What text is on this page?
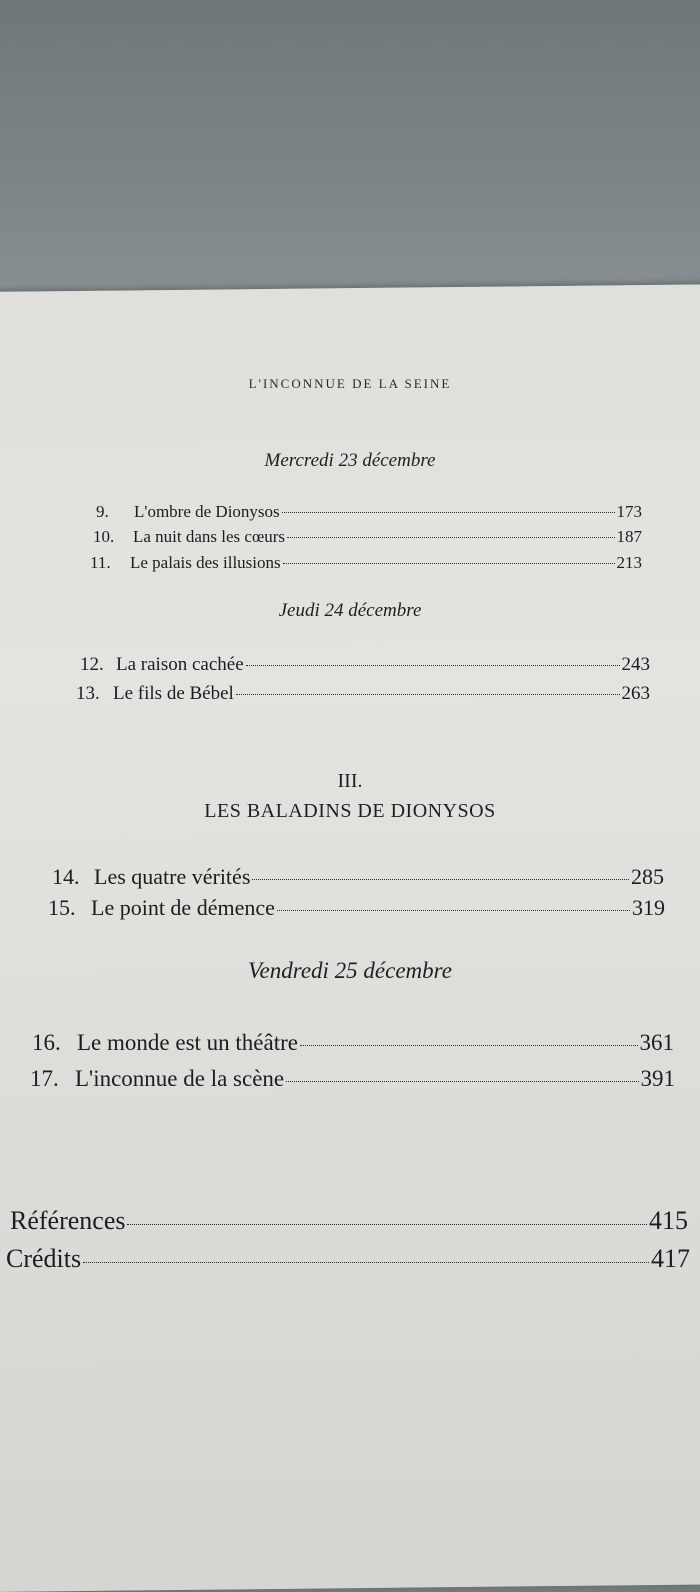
L'INCONNUE DE LA SEINE
Mercredi 23 décembre
9.	L'ombre de Dionysos	173
10.	La nuit dans les cœurs	187
11.	Le palais des illusions	213
Jeudi 24 décembre
12. La raison cachée	243
13. Le fils de Bébel	263
III.
LES BALADINS DE DIONYSOS
14. Les quatre vérités	285
15. Le point de démence	319
Vendredi 25 décembre
16. Le monde est un théâtre	361
17. L'inconnue de la scène	391
Références	415
Crédits	417
